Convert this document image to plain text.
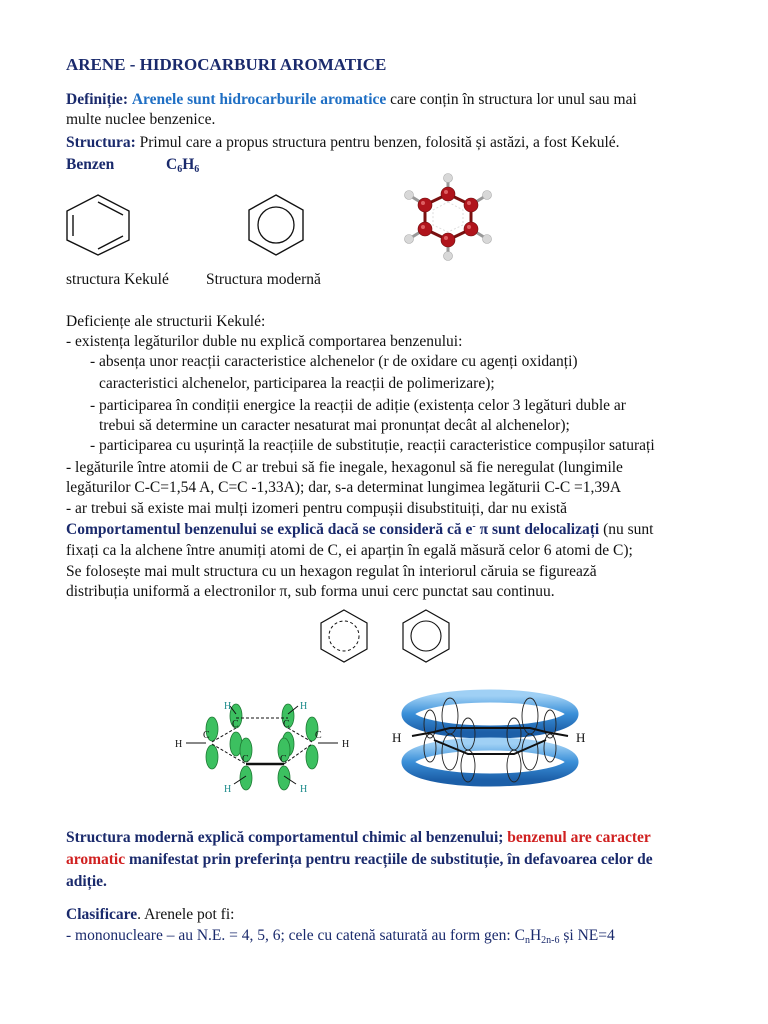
ARENE - HIDROCARBURI AROMATICE
Definiție: Arenele sunt hidrocarburile aromatice care conțin în structura lor unul sau mai
multe nuclee benzenice.
Structura: Primul care a propus structura pentru benzen, folosită și astăzi, a fost Kekulé.
Benzen	$C_6H_6$
structura Kekulé Structura modernă
Deficiențe ale structurii Kekulé:
- existența legăturilor duble nu explică comportarea benzenului:
- absența unor reacții caracteristice alchenelor (r de oxidare cu agenți oxidanți)
caracteristici alchenelor, participarea la reacții de polimerizare);
- participarea în condiții energice la reacții de adiție (existența celor 3 legături duble ar
trebui să determine un caracter nesaturat mai pronunțat decât al alchenelor);
- participarea cu ușurință la reacțiile de substituție, reacții caracteristice compușilor saturați
- legăturile între atomii de C ar trebui să fie inegale, hexagonul să fie neregulat (lungimile
legăturilor C-C=1,54 A, C=C -1,33A); dar, s-a determinat lungimea legăturii C-C =1,39A
- ar trebui să existe mai mulți izomeri pentru compușii disubstituiți, dar nu există
Comportamentul benzenului se explică dacă se consideră că e- π sunt delocalizați (nu sunt
fixați ca la alchene între anumiți atomi de C, ei aparțin în egală măsură celor 6 atomi de C);
Se folosește mai mult structura cu un hexagon regulat în interiorul căruia se figurează
distribuția uniformă a electronilor π, sub forma unui cerc punctat sau continuu.
H	H
H	H
H	H
C	C
C	C
C	C
H	H
Structura modernă explică comportamentul chimic al benzenului; benzenul are caracter
aromatic manifestat prin preferința pentru reacțiile de substituție, în defavoarea celor de
adiție.
Clasificare. Arenele pot fi:
- mononucleare – au N.E. = 4, 5, 6; cele cu catenă saturată au form gen: $C_nH_{2n-6}$ și NE=4
